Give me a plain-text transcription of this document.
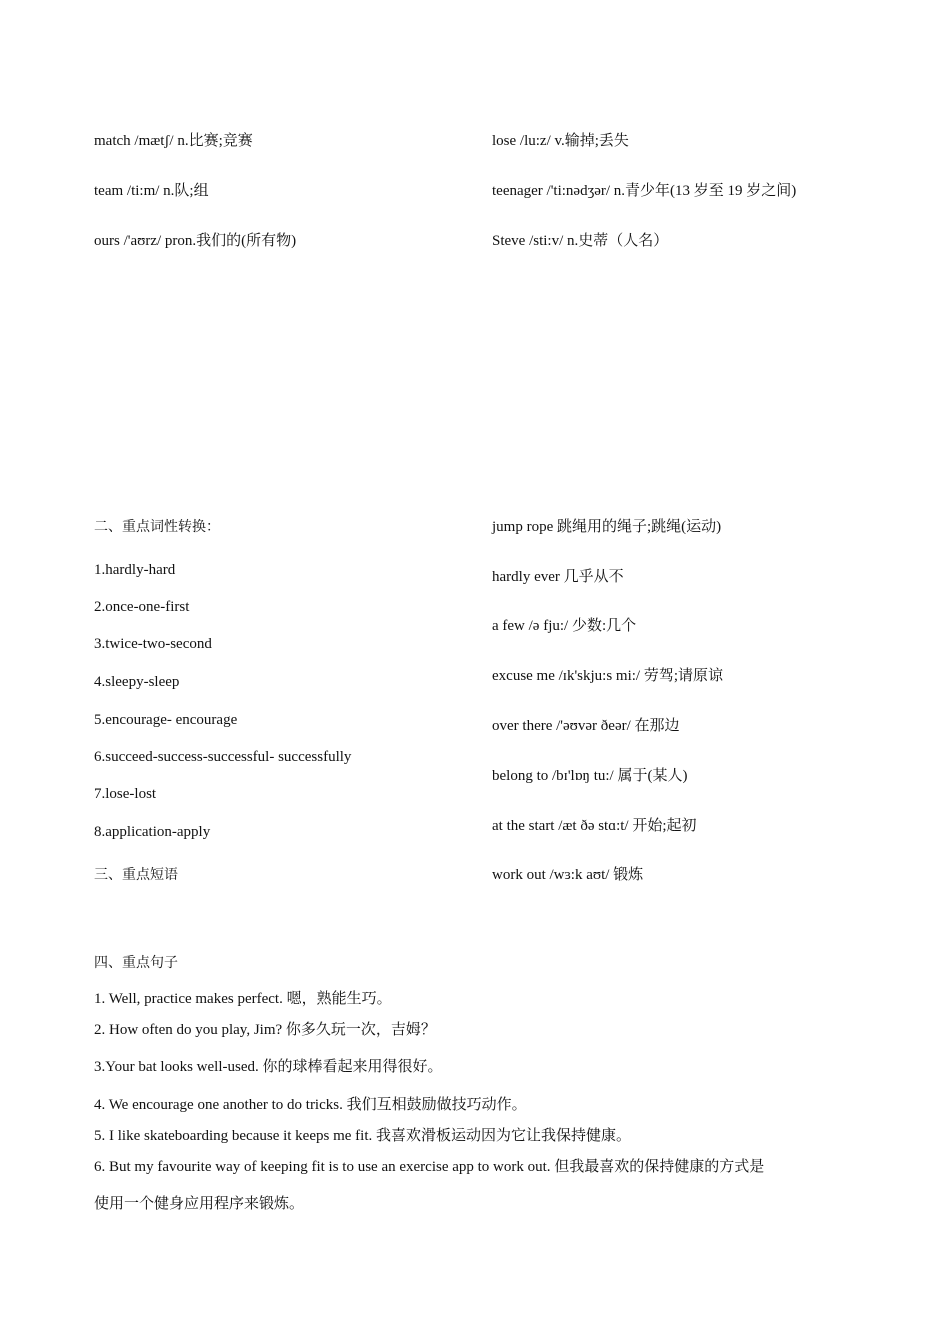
match /mætʃ/ n.比赛;竞赛
team /ti:m/ n.队;组
ours /'aʊrz/ pron.我们的(所有物)
lose /lu:z/ v.输掉;丢失
teenager /'ti:nədʒər/ n.青少年(13 岁至 19 岁之间)
Steve /sti:v/ n.史蒂（人名）
二、重点词性转换：
1.hardly-hard
2.once-one-first
3.twice-two-second
4.sleepy-sleep
5.encourage- encourage
6.succeed-success-successful- successfully
7.lose-lost
8.application-apply
三、重点短语
jump rope 跳绳用的绳子;跳绳(运动)
hardly ever 几乎从不
a few /ə fju:/ 少数:几个
excuse me /ɪk'skju:s mi:/ 劳驾;请原谅
over there /'əʊvər ðeər/ 在那边
belong to /bɪ'lɒŋ tu:/ 属于(某人)
at the start /æt ðə stɑ:t/ 开始;起初
work out /wɜ:k aʊt/ 锻炼
四、重点句子
1. Well, practice makes perfect. 嗯，熟能生巧。
2. How often do you play, Jim? 你多久玩一次，吉姆？
3.Your bat looks well-used. 你的球棒看起来用得很好。
4. We encourage one another to do tricks. 我们互相鼓励做技巧动作。
5. I like skateboarding because it keeps me fit. 我喜欢滑板运动因为它让我保持健康。
6. But my favourite way of keeping fit is to use an exercise app to work out. 但我最喜欢的保持健康的方式是
使用一个健身应用程序来锻炼。
